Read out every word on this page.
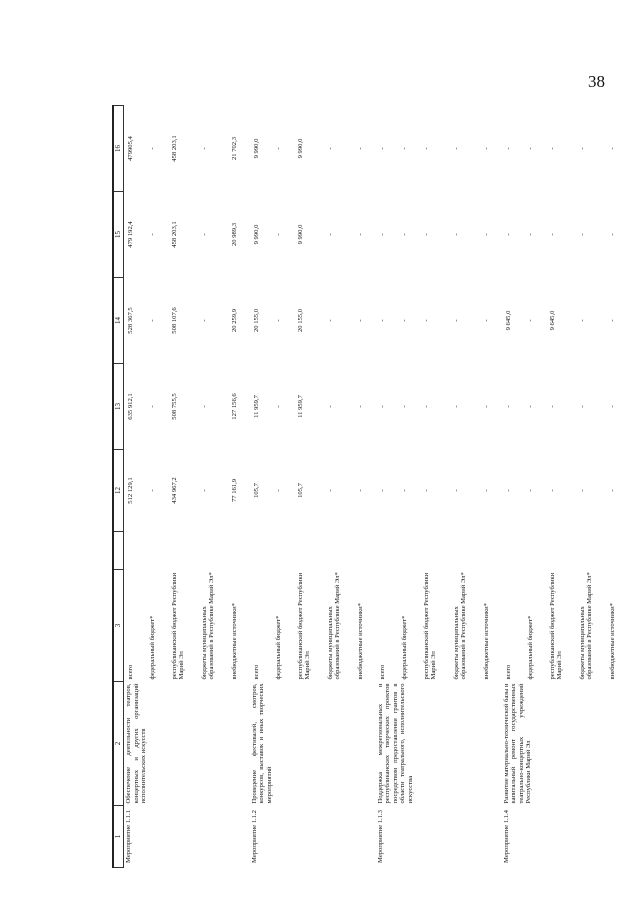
38
1	2	3		12	13	14	15	16
Мероприятие 1.1.1	Обеспечение деятельности театров, концертных и других организаций исполнительских искусств	всего		512 129,1	635 912,1	528 367,5	479 192,4	479905,4
		федеральный бюджет*		-	-	-	-	-
		республиканский бюджет Республики Марий Эл		434 967,2	508 755,5	508 107,6	458 203,1	458 203,1
		бюджеты муниципальных образований в Республике Марий Эл*		-	-	-	-	-
		внебюджетные источники*		77 161,9	127 156,6	20 259,9	20 989,3	21 702,3
Мероприятие 1.1.2	Проведение фестивалей, смотров, конкурсов, выставок и иных творческих мероприятий	всего		105,7	11 959,7	20 155,0	9 990,0	9 990,0
		федеральный бюджет*		-	-	-	-	-
		республиканский бюджет Республики Марий Эл		105,7	11 959,7	20 155,0	9 990,0	9 990,0
		бюджеты муниципальных образований в Республике Марий Эл*		-	-	-	-	-
		внебюджетные источники*		-	-	-	-	-
Мероприятие 1.1.3	Поддержка межрегиональных и республиканских творческих проектов посредством предоставления грантов в области театрального, исполнительского искусства	всего		-	-	-	-	-
		федеральный бюджет*		-	-	-	-	-
		республиканский бюджет Республики Марий Эл		-	-	-	-	-
		бюджеты муниципальных образований в Республике Марий Эл*		-	-	-	-	-
		внебюджетные источники*		-	-	-	-	-
Мероприятие 1.1.4	Развитие материально-технической базы и капитальный ремонт государственных театрально-концертных учреждений Республики Марий Эл	всего		-	-	9 645,0	-	-
		федеральный бюджет*		-	-	-	-	-
		республиканский бюджет Республики Марий Эл		-	-	9 645,0	-	-
		бюджеты муниципальных образований в Республике Марий Эл*		-	-	-	-	-
		внебюджетные источники*		-	-	-	-	-
